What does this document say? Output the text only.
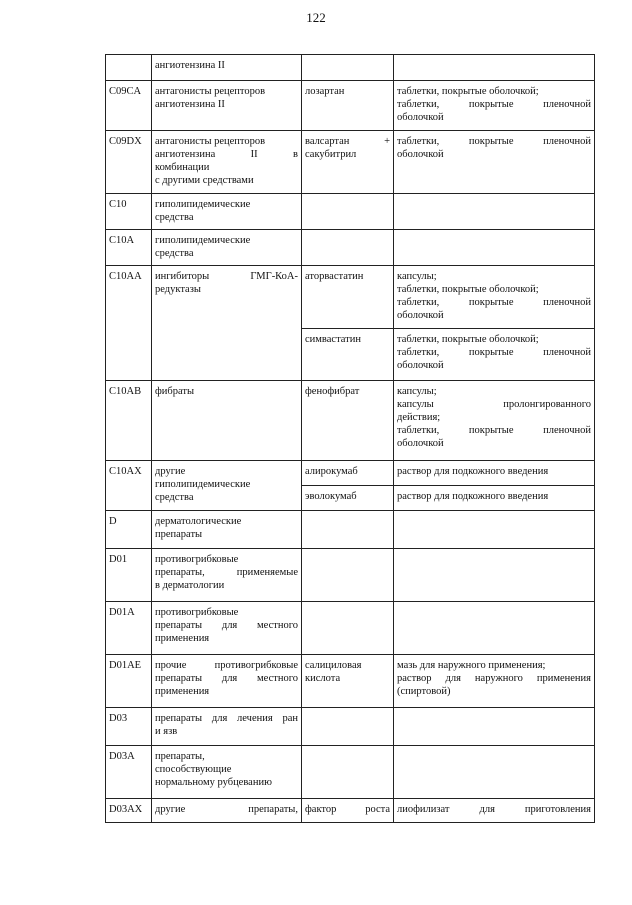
122

	ангиотензина II		

C09CA	антагонисты рецепторов
ангиотензина II	лозартан	таблетки, покрытые оболочкой;
таблетки, покрытые пленочной
оболочкой

C09DX	антагонисты рецепторов
ангиотензина II в
комбинации
с другими средствами	валсартан +
сакубитрил	таблетки, покрытые пленочной
оболочкой

C10	гиполипидемические
средства		

C10A	гиполипидемические
средства		

C10AA	ингибиторы ГМГ-КоА-
редуктазы	аторвастатин	капсулы;
таблетки, покрытые оболочкой;
таблетки, покрытые пленочной
оболочкой

		симвастатин	таблетки, покрытые оболочкой;
таблетки, покрытые пленочной
оболочкой

C10AB	фибраты	фенофибрат	капсулы;
капсулы пролонгированного
действия;
таблетки, покрытые пленочной
оболочкой

C10AX	другие
гиполипидемические
средства	алирокумаб	раствор для подкожного введения
		эволокумаб	раствор для подкожного введения
D	дерматологические
препараты		

D01	противогрибковые
препараты, применяемые
в дерматологии		

D01A	противогрибковые
препараты для местного
применения		

D01AE	прочие противогрибковые
препараты для местного
применения	салициловая
кислота	мазь для наружного применения;
раствор для наружного применения
(спиртовой)

D03	препараты для лечения ран
и язв		

D03A	препараты,
способствующие
нормальному рубцеванию		

D03AX	другие препараты,	фактор роста	лиофилизат для приготовления
